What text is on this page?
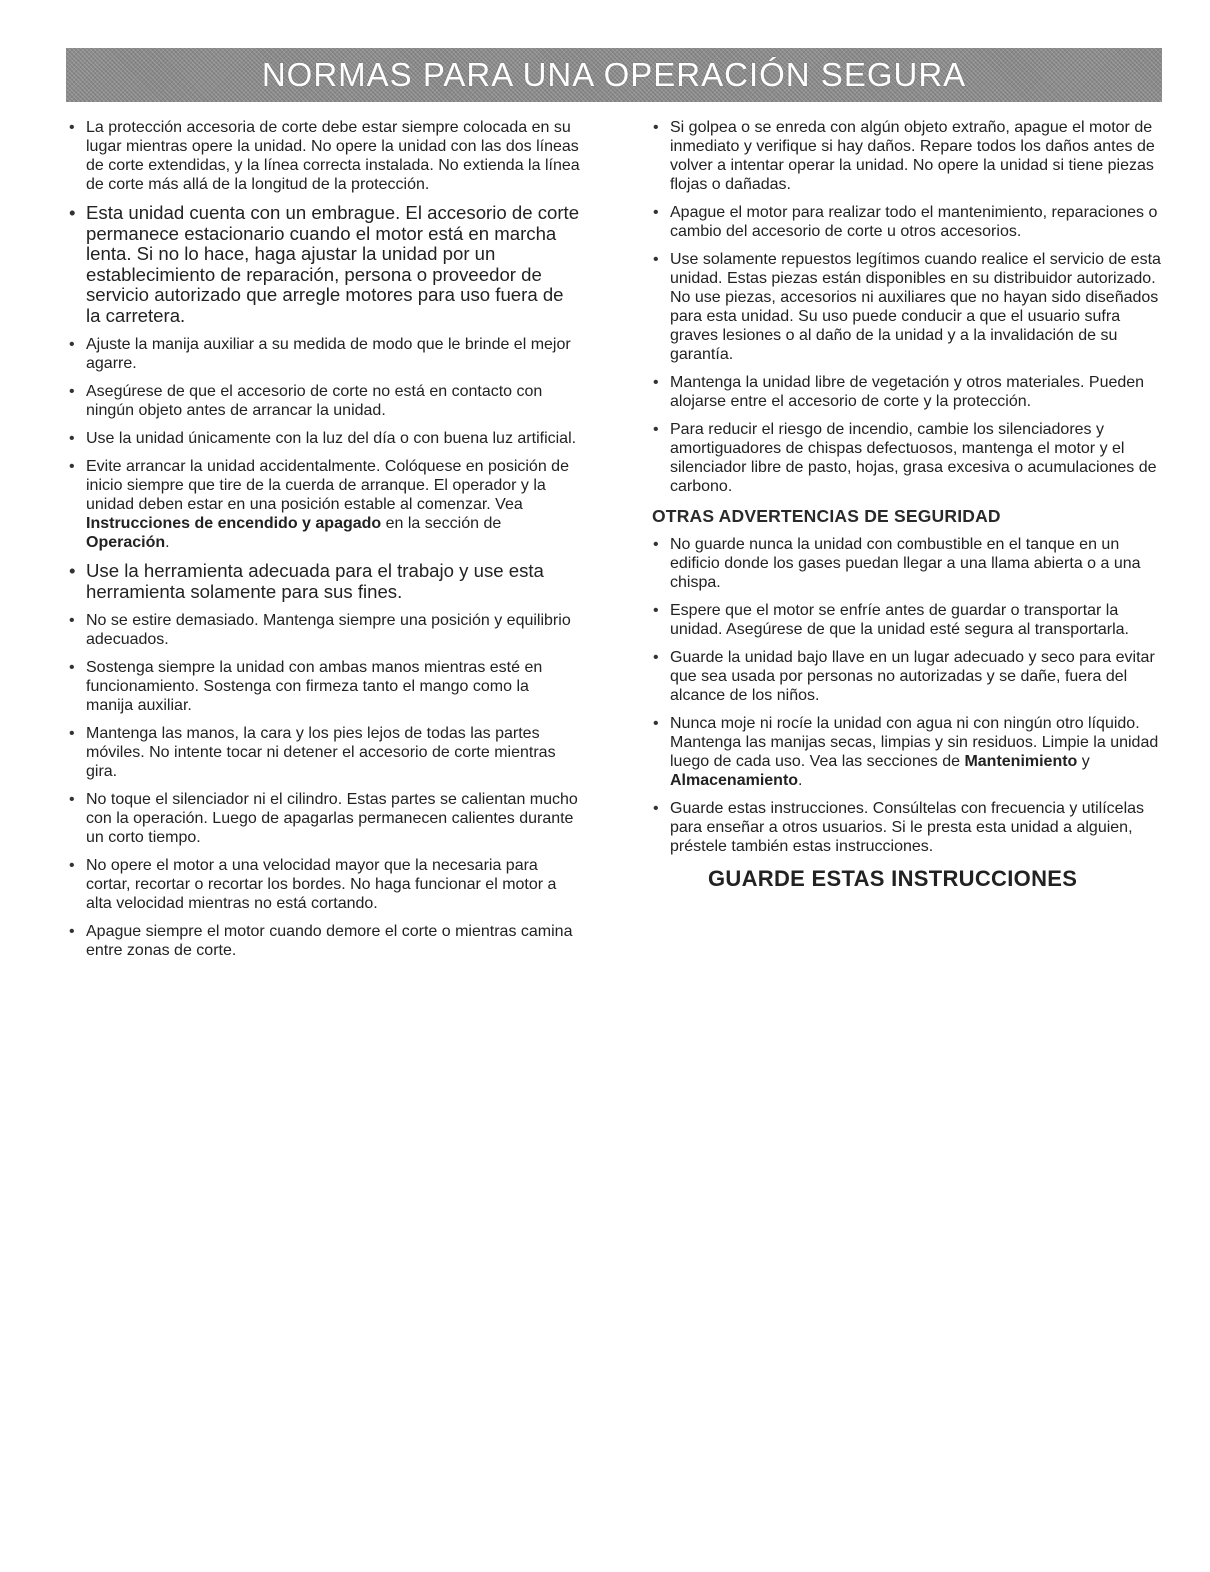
NORMAS PARA UNA OPERACIÓN SEGURA
• La protección accesoria de corte debe estar siempre colocada en su lugar mientras opere la unidad. No opere la unidad con las dos líneas de corte extendidas, y la línea correcta instalada. No extienda la línea de corte más allá de la longitud de la protección.
• Esta unidad cuenta con un embrague. El accesorio de corte permanece estacionario cuando el motor está en marcha lenta. Si no lo hace, haga ajustar la unidad por un establecimiento de reparación, persona o proveedor de servicio autorizado que arregle motores para uso fuera de la carretera.
• Ajuste la manija auxiliar a su medida de modo que le brinde el mejor agarre.
• Asegúrese de que el accesorio de corte no está en contacto con ningún objeto antes de arrancar la unidad.
• Use la unidad únicamente con la luz del día o con buena luz artificial.
• Evite arrancar la unidad accidentalmente. Colóquese en posición de inicio siempre que tire de la cuerda de arranque. El operador y la unidad deben estar en una posición estable al comenzar. Vea Instrucciones de encendido y apagado en la sección de Operación.
• Use la herramienta adecuada para el trabajo y use esta herramienta solamente para sus fines.
• No se estire demasiado. Mantenga siempre una posición y equilibrio adecuados.
• Sostenga siempre la unidad con ambas manos mientras esté en funcionamiento. Sostenga con firmeza tanto el mango como la manija auxiliar.
• Mantenga las manos, la cara y los pies lejos de todas las partes móviles. No intente tocar ni detener el accesorio de corte mientras gira.
• No toque el silenciador ni el cilindro. Estas partes se calientan mucho con la operación. Luego de apagarlas permanecen calientes durante un corto tiempo.
• No opere el motor a una velocidad mayor que la necesaria para cortar, recortar o recortar los bordes. No haga funcionar el motor a alta velocidad mientras no está cortando.
• Apague siempre el motor cuando demore el corte o mientras camina entre zonas de corte.
• Si golpea o se enreda con algún objeto extraño, apague el motor de inmediato y verifique si hay daños. Repare todos los daños antes de volver a intentar operar la unidad. No opere la unidad si tiene piezas flojas o dañadas.
• Apague el motor para realizar todo el mantenimiento, reparaciones o cambio del accesorio de corte u otros accesorios.
• Use solamente repuestos legítimos cuando realice el servicio de esta unidad. Estas piezas están disponibles en su distribuidor autorizado. No use piezas, accesorios ni auxiliares que no hayan sido diseñados para esta unidad. Su uso puede conducir a que el usuario sufra graves lesiones o al daño de la unidad y a la invalidación de su garantía.
• Mantenga la unidad libre de vegetación y otros materiales. Pueden alojarse entre el accesorio de corte y la protección.
• Para reducir el riesgo de incendio, cambie los silenciadores y amortiguadores de chispas defectuosos, mantenga el motor y el silenciador libre de pasto, hojas, grasa excesiva o acumulaciones de carbono.
OTRAS ADVERTENCIAS DE SEGURIDAD
• No guarde nunca la unidad con combustible en el tanque en un edificio donde los gases puedan llegar a una llama abierta o a una chispa.
• Espere que el motor se enfríe antes de guardar o transportar la unidad. Asegúrese de que la unidad esté segura al transportarla.
• Guarde la unidad bajo llave en un lugar adecuado y seco para evitar que sea usada por personas no autorizadas y se dañe, fuera del alcance de los niños.
• Nunca moje ni rocíe la unidad con agua ni con ningún otro líquido. Mantenga las manijas secas, limpias y sin residuos. Limpie la unidad luego de cada uso. Vea las secciones de Mantenimiento y Almacenamiento.
• Guarde estas instrucciones. Consúltelas con frecuencia y utilícelas para enseñar a otros usuarios. Si le presta esta unidad a alguien, préstele también estas instrucciones.
GUARDE ESTAS INSTRUCCIONES
